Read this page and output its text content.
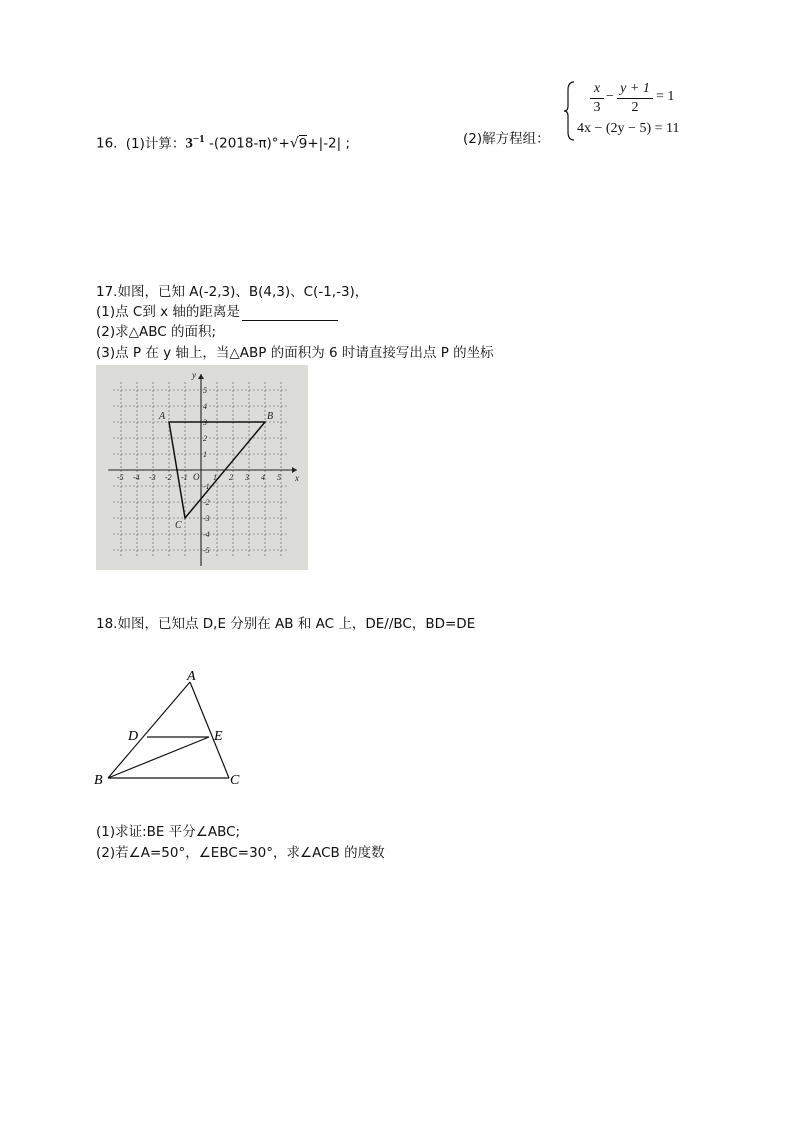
16. (1)计算：$3^{-1}$ -(2018-π)°+√9+|-2| ;	(2)解方程组：
x
3
−
y + 1
2
= 1
4x − (2y − 5) = 11
17.如图，已知 A(-2,3)、B(4,3)、C(-1,-3)，
(1)点 C到 x 轴的距离是
(2)求△ABC 的面积;
(3)点 P 在 y 轴上，当△ABP 的面积为 6 时请直接写出点 P 的坐标
-5 -4 -3 -2 -1	1 2 3 4 5
5
4
3
2
1
-1
-2
-3
-4
-5
x
y
O
A	B
C
18.如图，已知点 D,E 分别在 AB 和 AC 上，DE//BC，BD=DE
A
D	E
B	C
(1)求证:BE 平分∠ABC;
(2)若∠A=50°，∠EBC=30°，求∠ACB 的度数
